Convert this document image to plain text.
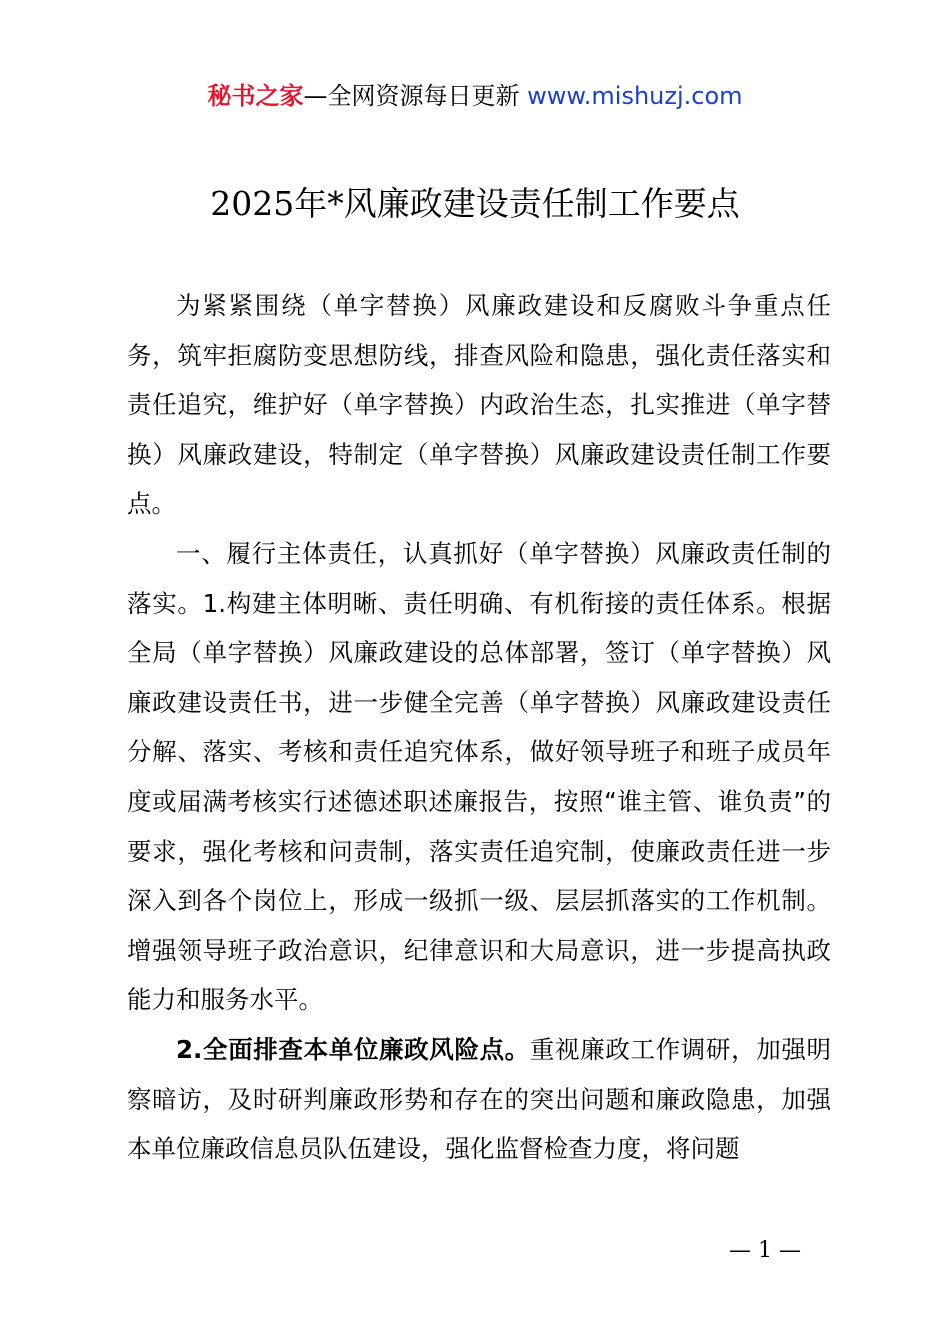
秘书之家—全网资源每日更新 www.mishuzj.com
2025年*风廉政建设责任制工作要点

为紧紧围绕（单字替换）风廉政建设和反腐败斗争重点任务，筑牢拒腐防变思想防线，排查风险和隐患，强化责任落实和责任追究，维护好（单字替换）内政治生态，扎实推进（单字替换）风廉政建设，特制定（单字替换）风廉政建设责任制工作要点。

一、履行主体责任，认真抓好（单字替换）风廉政责任制的落实。1.构建主体明晰、责任明确、有机衔接的责任体系。根据全局（单字替换）风廉政建设的总体部署，签订（单字替换）风廉政建设责任书，进一步健全完善（单字替换）风廉政建设责任分解、落实、考核和责任追究体系，做好领导班子和班子成员年度或届满考核实行述德述职述廉报告，按照“谁主管、谁负责”的要求，强化考核和问责制，落实责任追究制，使廉政责任进一步深入到各个岗位上，形成一级抓一级、层层抓落实的工作机制。增强领导班子政治意识，纪律意识和大局意识，进一步提高执政能力和服务水平。

2.全面排查本单位廉政风险点。重视廉政工作调研，加强明察暗访，及时研判廉政形势和存在的突出问题和廉政隐患，加强本单位廉政信息员队伍建设，强化监督检查力度，将问题

— 1 —
